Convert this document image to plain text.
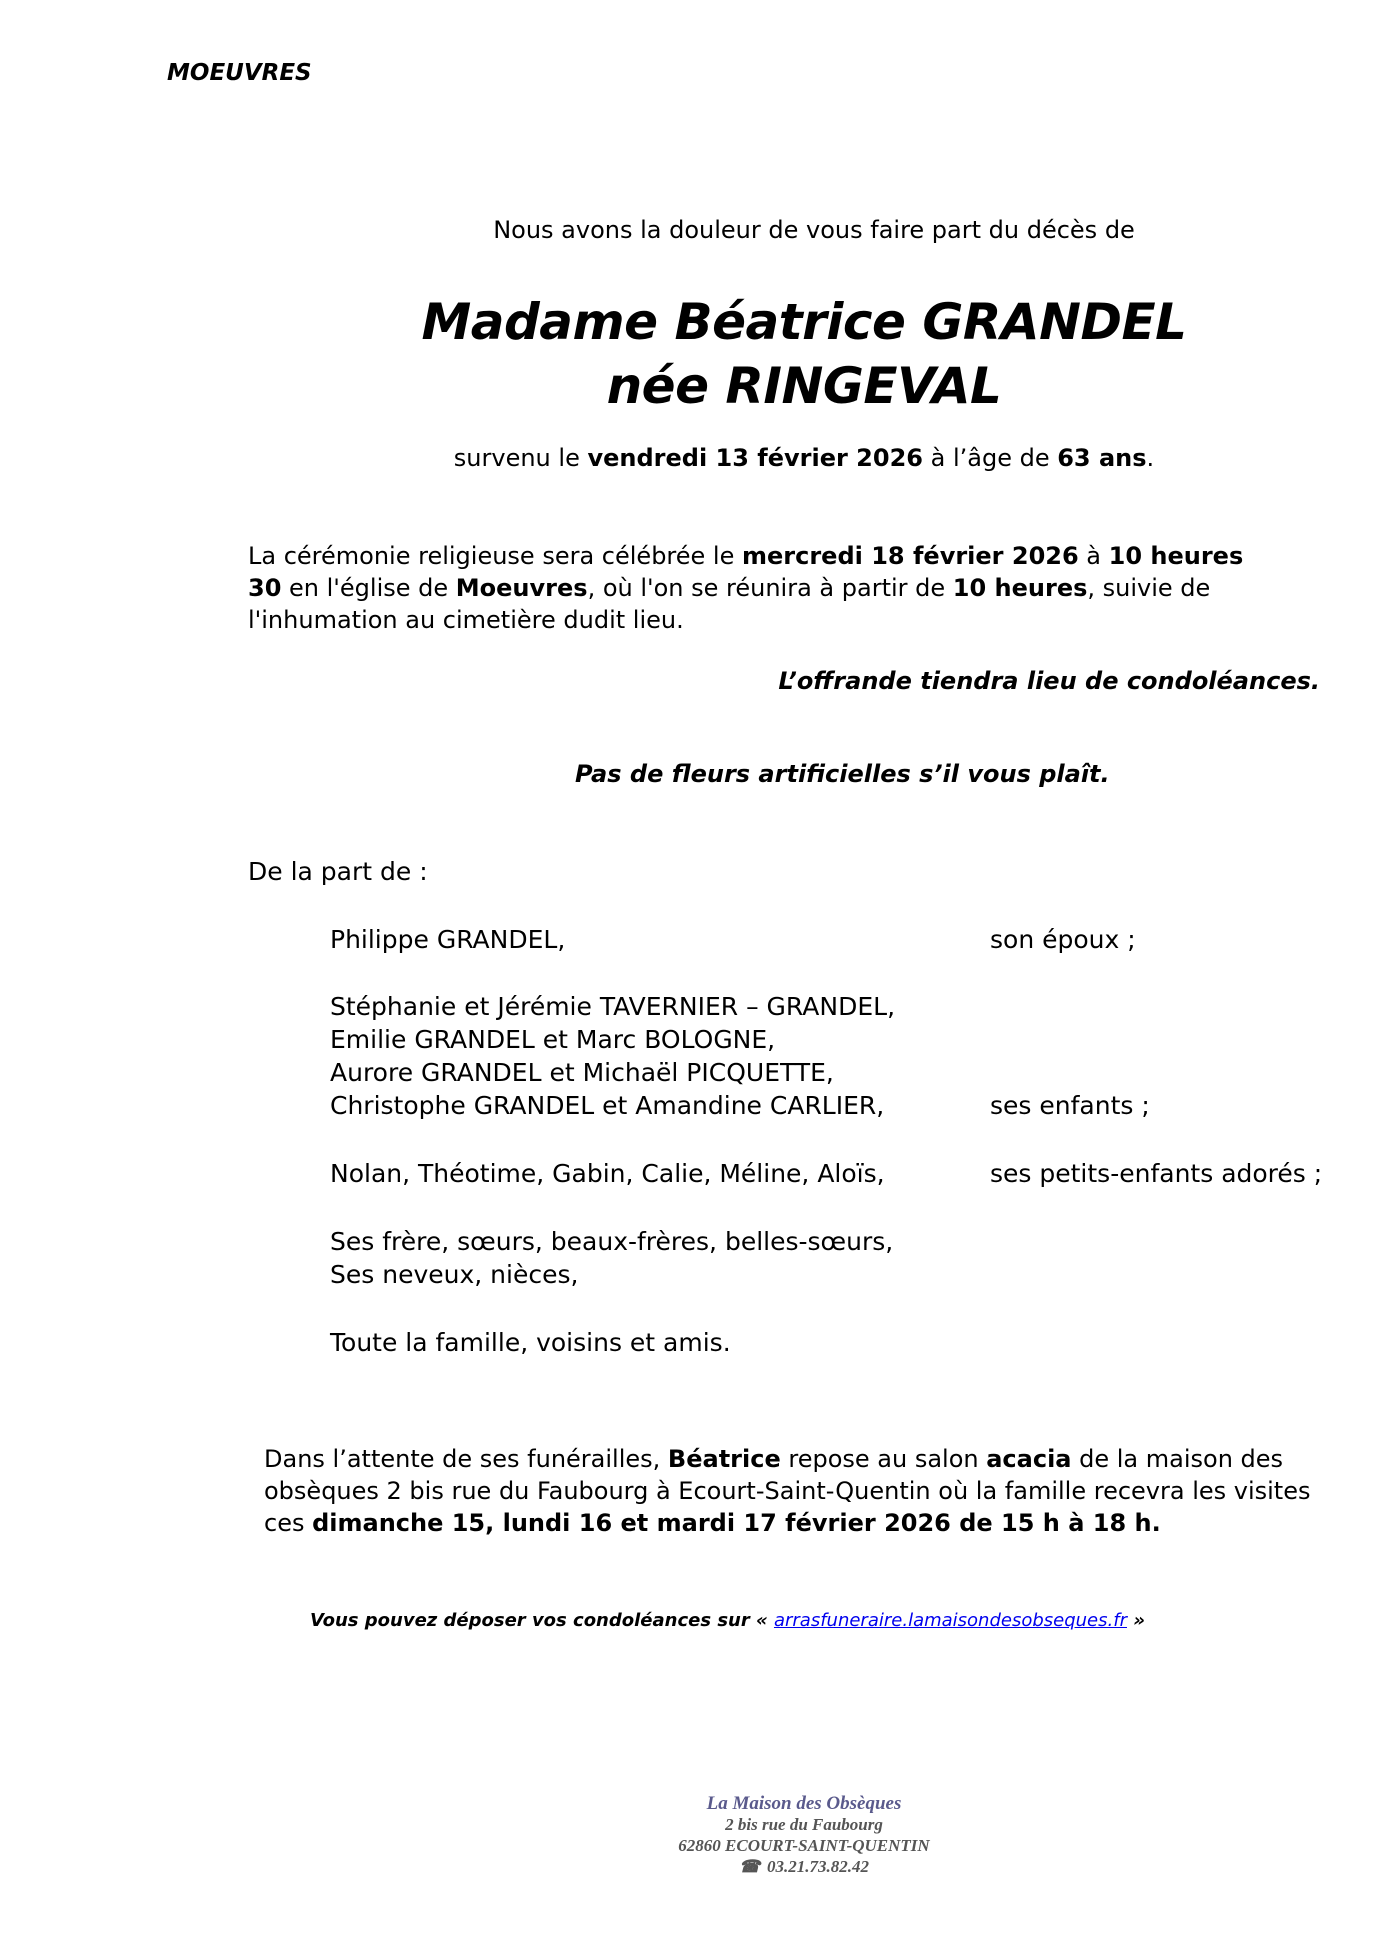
MOEUVRES
Nous avons la douleur de vous faire part du décès de
Madame Béatrice GRANDEL
née RINGEVAL
survenu le vendredi 13 février 2026 à l’âge de 63 ans.
La cérémonie religieuse sera célébrée le mercredi 18 février 2026 à 10 heures 30 en l'église de Moeuvres, où l'on se réunira à partir de 10 heures, suivie de l'inhumation au cimetière dudit lieu.
L’offrande tiendra lieu de condoléances.
Pas de fleurs artificielles s’il vous plaît.
De la part de :
Philippe GRANDEL,	son époux ;
Stéphanie et Jérémie TAVERNIER – GRANDEL,
Emilie GRANDEL et Marc BOLOGNE,
Aurore GRANDEL et Michaël PICQUETTE,
Christophe GRANDEL et Amandine CARLIER,	ses enfants ;
Nolan, Théotime, Gabin, Calie, Méline, Aloïs,	ses petits-enfants adorés ;
Ses frère, sœurs, beaux-frères, belles-sœurs,
Ses neveux, nièces,
Toute la famille, voisins et amis.
Dans l’attente de ses funérailles, Béatrice repose au salon acacia de la maison des obsèques 2 bis rue du Faubourg à Ecourt-Saint-Quentin où la famille recevra les visites ces dimanche 15, lundi 16 et mardi 17 février 2026 de 15 h à 18 h.
Vous pouvez déposer vos condoléances sur « arrasfuneraire.lamaisondesobseques.fr »
La Maison des Obsèques
2 bis rue du Faubourg
62860 ECOURT-SAINT-QUENTIN
☎ 03.21.73.82.42
